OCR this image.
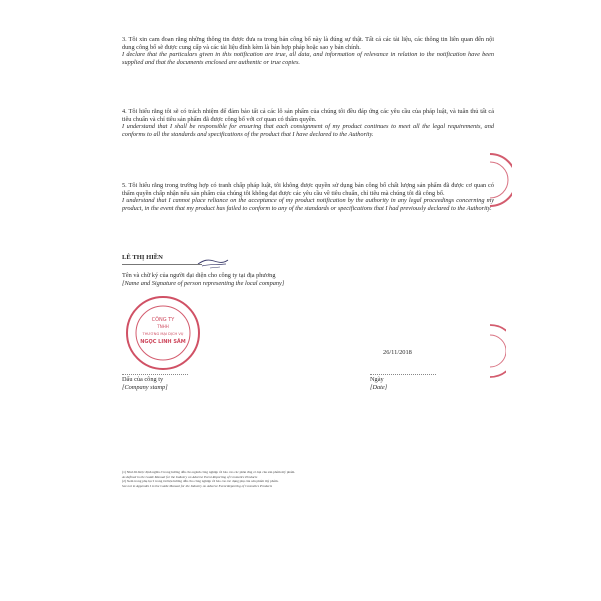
3. Tôi xin cam đoan rằng những thông tin được đưa ra trong bản công bố này là đúng sự thật. Tất cả các tài liệu, các thông tin liên quan đến nội dung công bố sẽ được cung cấp và các tài liệu đính kèm là bản hợp pháp hoặc sao y bản chính.

I declare that the particulars given in this notification are true, all data, and information of relevance in relation to the notification have been supplied and that the documents enclosed are authentic or true copies.

4. Tôi hiểu rằng tôi sẽ có trách nhiệm để đảm bảo tất cả các lô sản phẩm của chúng tôi đều đáp ứng các yêu cầu của pháp luật, và tuân thủ tất cả tiêu chuẩn và chỉ tiêu sản phẩm đã được công bố với cơ quan có thẩm quyền.

I understand that I shall be responsible for ensuring that each consignment of my product continues to meet all the legal requirements, and conforms to all the standards and specifications of the product that I have declared to the Authority.

5. Tôi hiểu rằng trong trường hợp có tranh chấp pháp luật, tôi không được quyền sử dụng bản công bố chất lượng sản phẩm đã được cơ quan có thẩm quyền chấp nhận nếu sản phẩm của chúng tôi không đạt được các yêu cầu về tiêu chuẩn, chỉ tiêu mà chúng tôi đã công bố.

I understand that I cannot place reliance on the acceptance of my product notification by the authority in any legal proceedings concerning my product, in the event that my product has failed to conform to any of the standards or specifications that I had previously declared to the Authority.

LÊ THỊ HIỀN
Tên và chữ ký của người đại diện cho công ty tại địa phương
[Name and Signature of person representing the local company]
CÔNG TY
TNHH
THƯƠNG MẠI DỊCH VỤ
NGỌC LINH SÂM
26/11/2018
Dấu của công ty
[Company stamp]
Ngày
[Date]

(1) Như đã được định nghĩa ở trong hướng dẫn cho ngành công nghiệp về báo cáo các phản ứng có hại của sản phẩm mỹ phẩm.

As defined in the Guide Manual for the Industry on Adverse Event Reporting of Cosmetics Products

(2) Xem trong phụ lục I trong tài liệu hướng dẫn cho công nghiệp về báo cáo tác dụng phụ của sản phẩm mỹ phẩm.

See not in Appendix I to the Guide Manual for the Industry on Adverse Event Reporting of Cosmetics Products
